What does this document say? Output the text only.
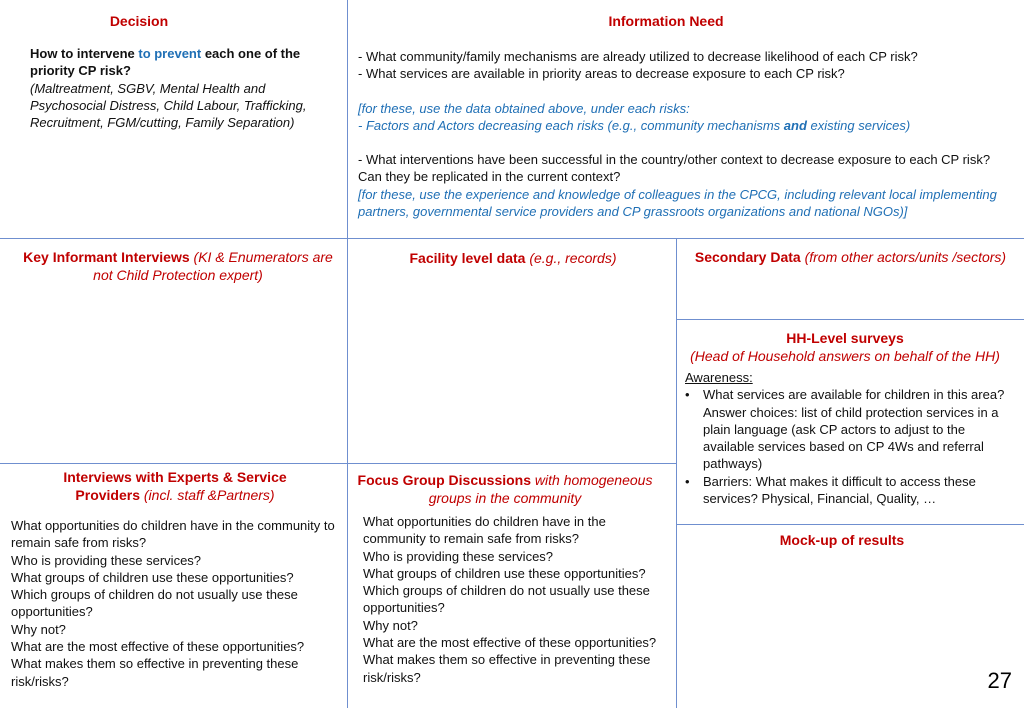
Decision
How to intervene to prevent each one of the priority CP risk?
(Maltreatment, SGBV, Mental Health and Psychosocial Distress, Child Labour, Trafficking, Recruitment, FGM/cutting, Family Separation)
Information Need
- What community/family mechanisms are already utilized to decrease likelihood of each CP risk?
- What services are available in priority areas to decrease exposure to each CP risk?
[for these, use the data obtained above, under each risks:
- Factors and Actors decreasing each risks (e.g., community mechanisms and existing services)
- What interventions have been successful in the country/other context to decrease exposure to each CP risk? Can they be replicated in the current context?
[for these, use the experience and knowledge of colleagues in the CPCG, including relevant local implementing partners, governmental service providers and CP grassroots organizations and national NGOs)]
Key Informant Interviews (KI & Enumerators are not Child Protection expert)
Facility level data (e.g., records)	Secondary Data (from other actors/units /sectors)
HH-Level surveys
(Head of Household answers on behalf of the HH)
Awareness:
• What services are available for children in this area? Answer choices: list of child protection services in a plain language (ask CP actors to adjust to the available services based on CP 4Ws and referral pathways)
• Barriers: What makes it difficult to access these services? Physical, Financial, Quality, …
Interviews with Experts & Service Providers (incl. staff &Partners)
What opportunities do children have in the community to remain safe from risks?
Who is providing these services?
What groups of children use these opportunities?
Which groups of children do not usually use these opportunities?
Why not?
What are the most effective of these opportunities?
What makes them so effective in preventing these risk/risks?
Focus Group Discussions with homogeneous groups in the community
What opportunities do children have in the community to remain safe from risks?
Who is providing these services?
What groups of children use these opportunities?
Which groups of children do not usually use these opportunities?
Why not?
What are the most effective of these opportunities? What makes them so effective in preventing these risk/risks?
Mock-up of results
27
